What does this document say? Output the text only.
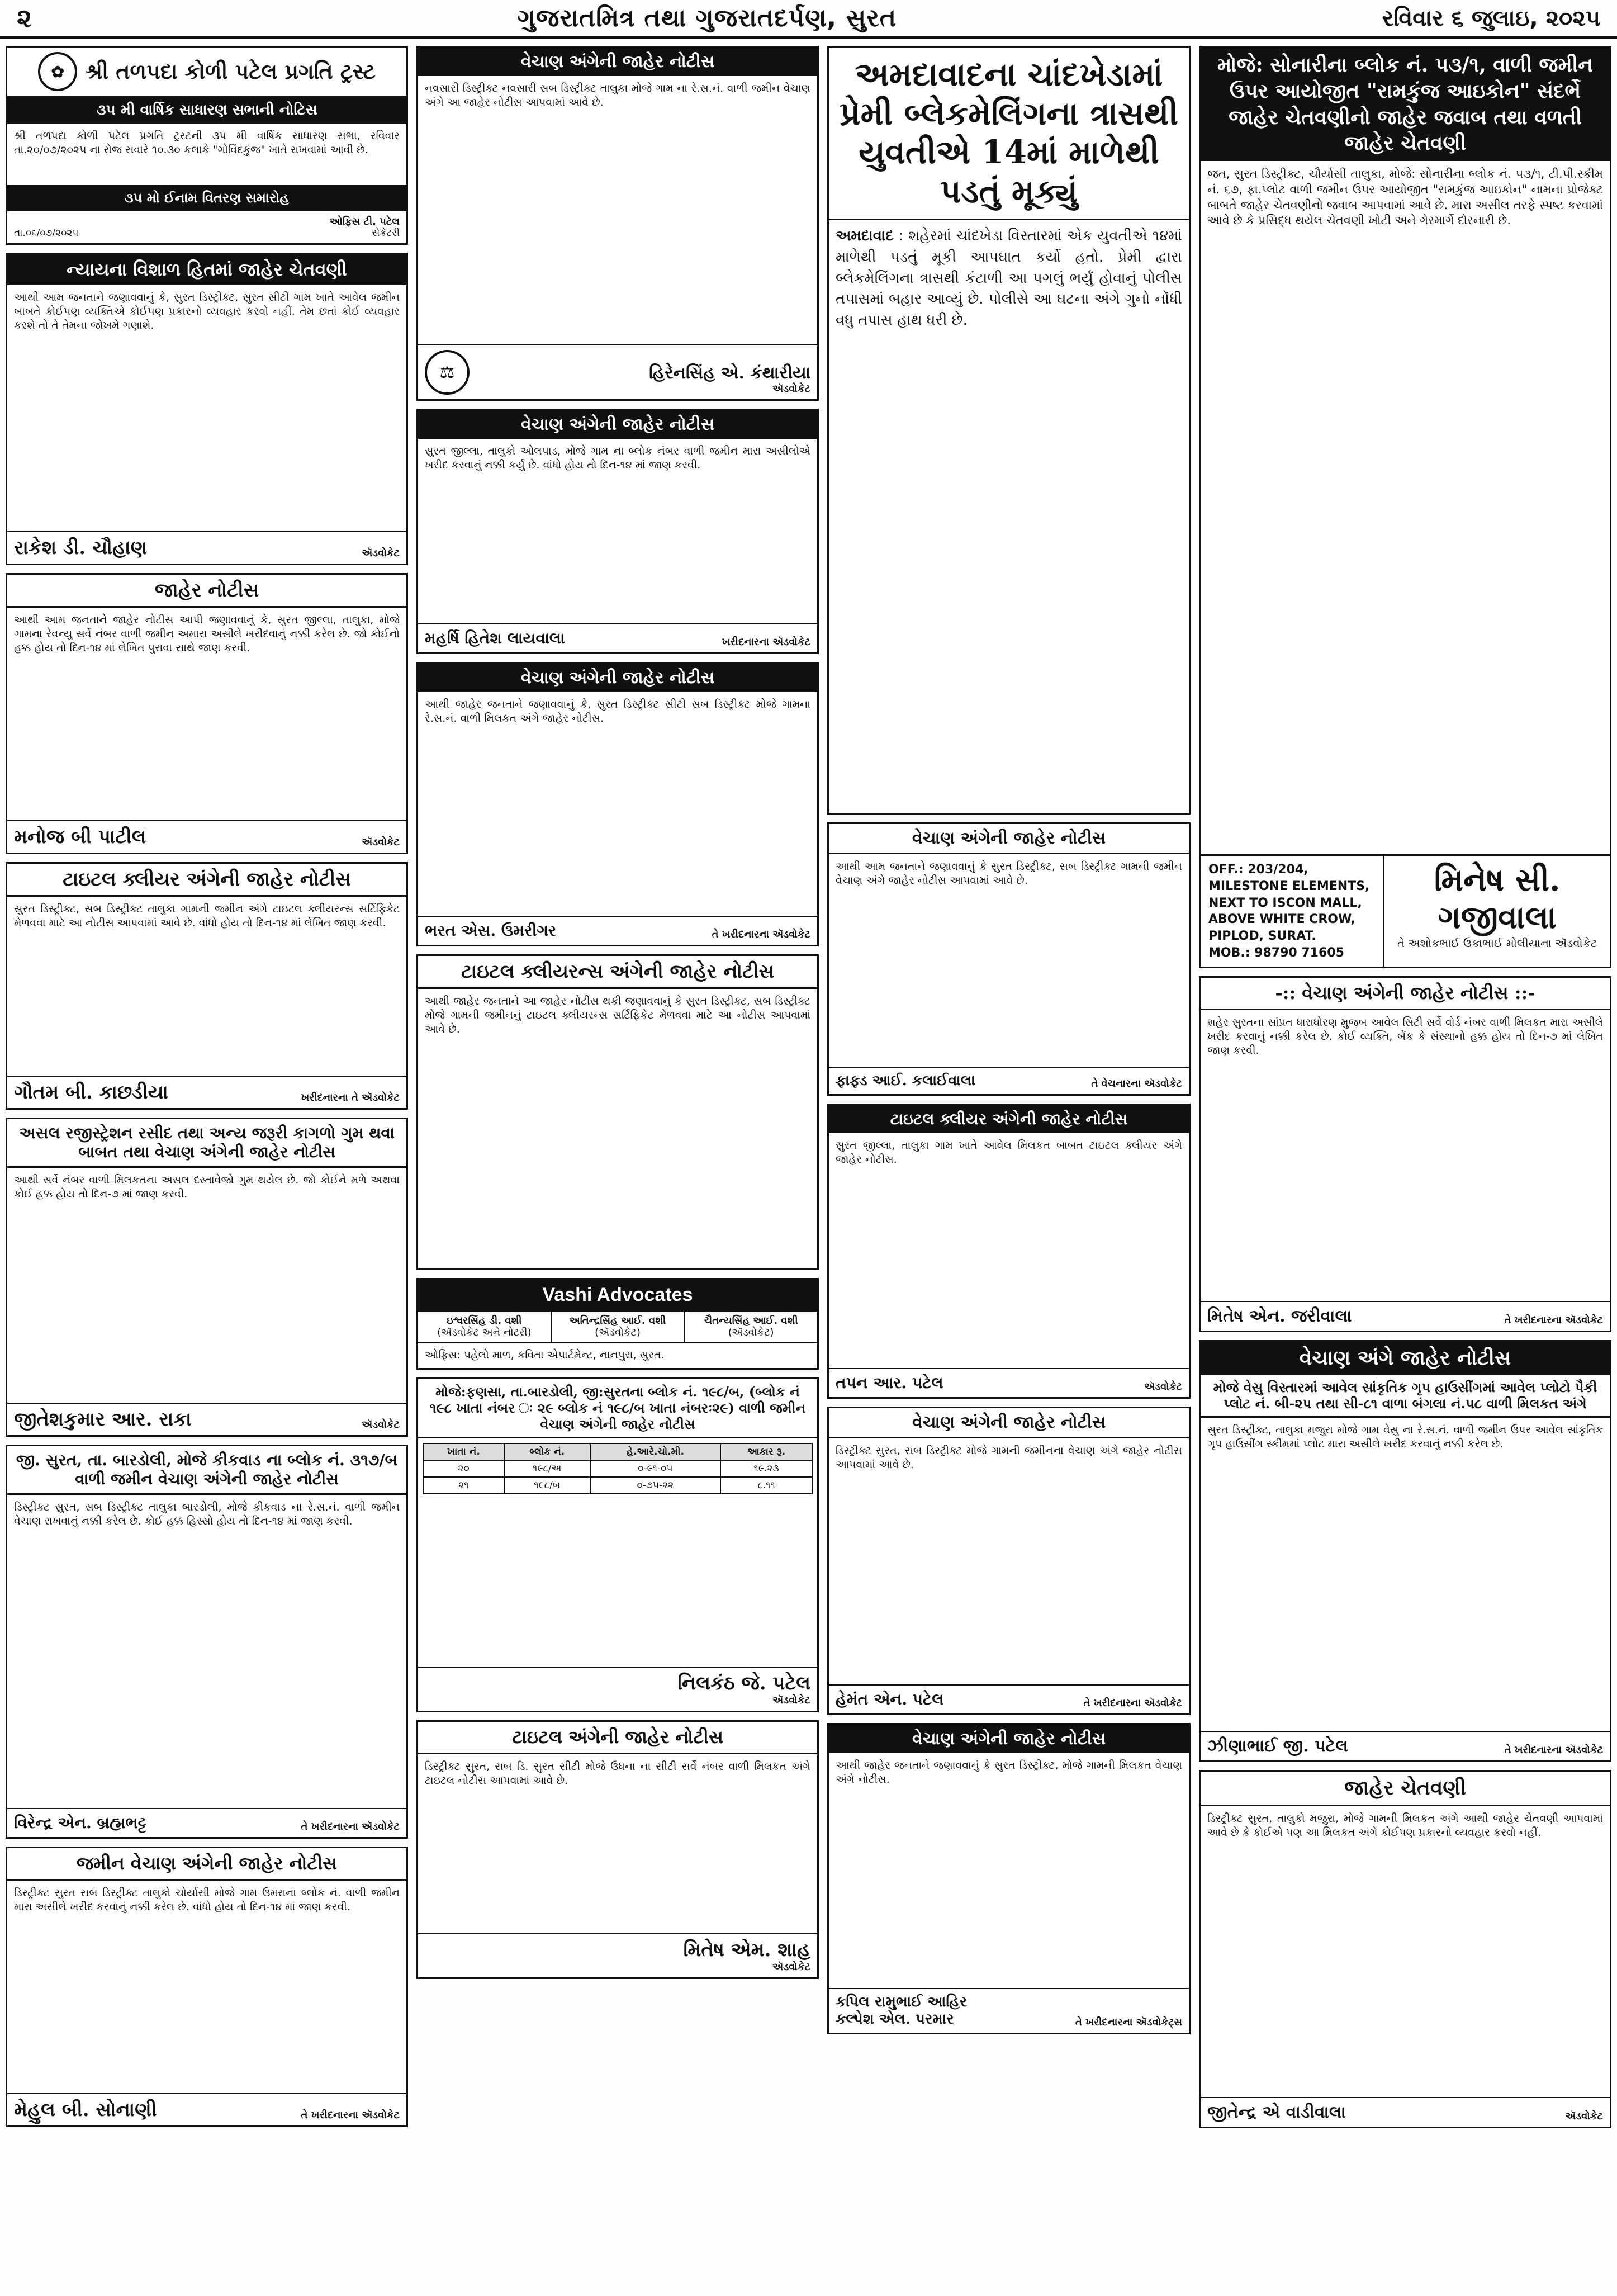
૨	ગુજરાતમિત્ર તથા ગુજરાતદર્પણ, સુરત	રવિવાર ૬ જુલાઇ, ૨૦૨૫
✿ શ્રી તળપદા કોળી પટેલ પ્રગતિ ટ્રસ્ટ
૩૫ મી વાર્ષિક સાધારણ સભાની નોટિસ
શ્રી તળપદા કોળી પટેલ પ્રગતિ ટ્રસ્ટની ૩૫ મી વાર્ષિક સાધારણ સભા, રવિવાર તા.૨૦/૦૭/૨૦૨૫ ના રોજ સવારે ૧૦.૩૦ કલાકે "ગોવિંદકુંજ" ખાતે રાખવામાં આવી છે.
૩૫ મો ઈનામ વિતરણ સમારોહ
તા.૦૬/૦૭/૨૦૨૫
ઓફિસ ટી. પટેલ
સેક્રેટરી
ન્યાયના વિશાળ હિતમાં જાહેર ચેતવણી
આથી આમ જનતાને જણાવવાનું કે, સુરત ડિસ્ટ્રીક્ટ, સુરત સીટી ગામ ખાતે આવેલ જમીન બાબતે કોઈપણ વ્યક્તિએ કોઈપણ પ્રકારનો વ્યવહાર કરવો નહીં. તેમ છતાં કોઈ વ્યવહાર કરશે તો તે તેમના જોખમે ગણાશે.
રાકેશ ડી. ચૌહાણ	ઍડવોકેટ
જાહેર નોટીસ
આથી આમ જનતાને જાહેર નોટીસ આપી જણાવવાનું કે, સુરત જીલ્લા, તાલુકા, મોજે ગામના રેવન્યુ સર્વે નંબર વાળી જમીન અમારા અસીલે ખરીદવાનું નક્કી કરેલ છે. જો કોઈનો હક્ક હોય તો દિન-૧૪ માં લેખિત પુરાવા સાથે જાણ કરવી.
મનોજ બી પાટીલ	ઍડવોકેટ
ટાઇટલ ક્લીયર અંગેની જાહેર નોટીસ
સુરત ડિસ્ટ્રીક્ટ, સબ ડિસ્ટ્રીક્ટ તાલુકા ગામની જમીન અંગે ટાઇટલ ક્લીયરન્સ સર્ટિફિકેટ મેળવવા માટે આ નોટીસ આપવામાં આવે છે. વાંધો હોય તો દિન-૧૪ માં લેખિત જાણ કરવી.
ગૌતમ બી. કાછડીયા	ખરીદનારના તે ઍડવોકેટ
અસલ રજીસ્ટ્રેશન રસીદ તથા અન્ય જરૂરી કાગળો ગુમ થવા બાબત તથા વેચાણ અંગેની જાહેર નોટીસ
આથી સર્વે નંબર વાળી મિલકતના અસલ દસ્તાવેજો ગુમ થયેલ છે. જો કોઈને મળે અથવા કોઈ હક્ક હોય તો દિન-૭ માં જાણ કરવી.
જીતેશકુમાર આર. રાકા	ઍડવોકેટ
જી. સુરત, તા. બારડોલી, મોજે કીકવાડ ના બ્લોક નં. ૩૧૭/બ વાળી જમીન વેચાણ અંગેની જાહેર નોટીસ
ડિસ્ટ્રીક્ટ સુરત, સબ ડિસ્ટ્રીક્ટ તાલુકા બારડોલી, મોજે કીકવાડ ના રે.સ.નં. વાળી જમીન વેચાણ રાખવાનું નક્કી કરેલ છે. કોઈ હક્ક હિસ્સો હોય તો દિન-૧૪ માં જાણ કરવી.
વિરેન્દ્ર એન. બ્રહ્મભટ્ટ	તે ખરીદનારના ઍડવોકેટ
જમીન વેચાણ અંગેની જાહેર નોટીસ
ડિસ્ટ્રીક્ટ સુરત સબ ડિસ્ટ્રીક્ટ તાલુકો ચોર્યાસી મોજે ગામ ઉમરાના બ્લોક નં. વાળી જમીન મારા અસીલે ખરીદ કરવાનું નક્કી કરેલ છે. વાંધો હોય તો દિન-૧૪ માં જાણ કરવી.
મેહુલ બી. સોનાણી	તે ખરીદનારના ઍડવોકેટ
વેચાણ અંગેની જાહેર નોટીસ
નવસારી ડિસ્ટ્રીક્ટ નવસારી સબ ડિસ્ટ્રીક્ટ તાલુકા મોજે ગામ ના રે.સ.નં. વાળી જમીન વેચાણ અંગે આ જાહેર નોટીસ આપવામાં આવે છે.
⚖	હિરેનસિંહ એ. કંથારીયા
ઍડવોકેટ
વેચાણ અંગેની જાહેર નોટીસ
સુરત જીલ્લા, તાલુકો ઓલપાડ, મોજે ગામ ના બ્લોક નંબર વાળી જમીન મારા અસીલોએ ખરીદ કરવાનું નક્કી કર્યું છે. વાંધો હોય તો દિન-૧૪ માં જાણ કરવી.
મહર્ષિ હિતેશ લાયવાલા	ખરીદનારના ઍડવોકેટ
વેચાણ અંગેની જાહેર નોટીસ
આથી જાહેર જનતાને જણાવવાનું કે, સુરત ડિસ્ટ્રીક્ટ સીટી સબ ડિસ્ટ્રીક્ટ મોજે ગામના રે.સ.નં. વાળી મિલકત અંગે જાહેર નોટીસ.
ભરત એસ. ઉમરીગર	તે ખરીદનારના ઍડવોકેટ
ટાઇટલ ક્લીયરન્સ અંગેની જાહેર નોટીસ
આથી જાહેર જનતાને આ જાહેર નોટીસ થકી જણાવવાનું કે સુરત ડિસ્ટ્રીક્ટ, સબ ડિસ્ટ્રીક્ટ મોજે ગામની જમીનનું ટાઇટલ ક્લીયરન્સ સર્ટિફિકેટ મેળવવા માટે આ નોટીસ આપવામાં આવે છે.
Vashi Advocates
ઇશ્વરસિંહ ડી. વશી
(ઍડવોકેટ અને નોટરી)
અતિન્દ્રસિંહ આઈ. વશી
(ઍડવોકેટ)
ચૈતન્યસિંહ આઈ. વશી
(ઍડવોકેટ)
ઓફિસ: પહેલો માળ, કવિતા એપાર્ટમેન્ટ, નાનપુરા, સુરત.
મોજે:ફણસા, તા.બારડોલી, જી:સુરતના બ્લોક નં. ૧૯૮/બ, (બ્લોક નં ૧૯૮ ખાતા નંબર ઃ ૨૯ બ્લોક નં ૧૯૮/બ ખાતા નંબરઃ૨૯) વાળી જમીન વેચાણ અંગેની જાહેર નોટીસ
ખાતા નં.	બ્લોક નં.	હે.આરે.ચો.મી.	આકાર રૂ.
૨૦	૧૯૮/અ	૦-૯૧-૦૫	૧૯.૨૩
૨૧	૧૯૮/બ	૦-૭૫-૨૨	૮.૧૧
નિલકંઠ જે. પટેલ
ઍડવોકેટ
ટાઇટલ અંગેની જાહેર નોટીસ
ડિસ્ટ્રીક્ટ સુરત, સબ ડિ. સુરત સીટી મોજે ઉધના ના સીટી સર્વે નંબર વાળી મિલકત અંગે ટાઇટલ નોટીસ આપવામાં આવે છે.
મિતેષ એમ. શાહ
ઍડવોકેટ
અમદાવાદના ચાંદખેડામાં પ્રેમી બ્લેકમેલિંગના ત્રાસથી યુવતીએ 14માં માળેથી પડતું મૂક્યું
અમદાવાદ : શહેરમાં ચાંદખેડા વિસ્તારમાં એક યુવતીએ ૧૪માં માળેથી પડતું મૂકી આપઘાત કર્યો હતો. પ્રેમી દ્વારા બ્લેકમેલિંગના ત્રાસથી કંટાળી આ પગલું ભર્યું હોવાનું પોલીસ તપાસમાં બહાર આવ્યું છે. પોલીસે આ ઘટના અંગે ગુનો નોંધી વધુ તપાસ હાથ ધરી છે.
વેચાણ અંગેની જાહેર નોટીસ
આથી આમ જનતાને જણાવવાનું કે સુરત ડિસ્ટ્રીક્ટ, સબ ડિસ્ટ્રીક્ટ ગામની જમીન વેચાણ અંગે જાહેર નોટીસ આપવામાં આવે છે.
ફાફ્ડ આઈ. કલાઈવાલા	તે વેચનારના ઍડવોકેટ
ટાઇટલ ક્લીયર અંગેની જાહેર નોટીસ
સુરત જીલ્લા, તાલુકા ગામ ખાતે આવેલ મિલકત બાબત ટાઇટલ ક્લીયર અંગે જાહેર નોટીસ.
તપન આર. પટેલ	ઍડવોકેટ
વેચાણ અંગેની જાહેર નોટીસ
ડિસ્ટ્રીક્ટ સુરત, સબ ડિસ્ટ્રીક્ટ મોજે ગામની જમીનના વેચાણ અંગે જાહેર નોટીસ આપવામાં આવે છે.
હેમંત એન. પટેલ	તે ખરીદનારના ઍડવોકેટ
વેચાણ અંગેની જાહેર નોટીસ
આથી જાહેર જનતાને જણાવવાનું કે સુરત ડિસ્ટ્રીક્ટ, મોજે ગામની મિલકત વેચાણ અંગે નોટીસ.
કપિલ રામુભાઈ આહિર
કલ્પેશ એલ. પરમાર	તે ખરીદનારના ઍડવોકેટ્સ
મોજે: સોનારીના બ્લોક નં. ૫૩/૧, વાળી જમીન ઉપર આયોજીત "રામકુંજ આઇકોન" સંદર્ભે જાહેર ચેતવણીનો જાહેર જવાબ તથા વળતી જાહેર ચેતવણી
જત, સુરત ડિસ્ટ્રીક્ટ, ચૌર્યાસી તાલુકા, મોજે: સોનારીના બ્લોક નં. ૫૩/૧, ટી.પી.સ્કીમ નં. ૬૭, ફા.પ્લોટ વાળી જમીન ઉપર આયોજીત "રામકુંજ આઇકોન" નામના પ્રોજેક્ટ બાબતે જાહેર ચેતવણીનો જવાબ આપવામાં આવે છે. મારા અસીલ તરફે સ્પષ્ટ કરવામાં આવે છે કે પ્રસિદ્ધ થયેલ ચેતવણી ખોટી અને ગેરમાર્ગે દોરનારી છે.
OFF.: 203/204, MILESTONE ELEMENTS, NEXT TO ISCON MALL, ABOVE WHITE CROW, PIPLOD, SURAT.
MOB.: 98790 71605
મિનેષ સી. ગજીવાલા
તે અશોકભાઈ ઉકાભાઈ મોલીયાના ઍડવોકેટ
-:: વેચાણ અંગેની જાહેર નોટીસ ::-
શહેર સુરતના સાંપ્રત ધારાધોરણ મુજબ આવેલ સિટી સર્વે વોર્ડ નંબર વાળી મિલકત મારા અસીલે ખરીદ કરવાનું નક્કી કરેલ છે. કોઈ વ્યક્તિ, બેંક કે સંસ્થાનો હક્ક હોય તો દિન-૭ માં લેખિત જાણ કરવી.
મિતેષ એન. જરીવાલા	તે ખરીદનારના ઍડવોકેટ
વેચાણ અંગે જાહેર નોટીસ
મોજે વેસુ વિસ્તારમાં આવેલ સાંકૃતિક ગૃપ હાઉસીંગમાં આવેલ પ્લોટો પૈકી પ્લોટ નં. બી-૨૫ તથા સી-૮૧ વાળા બંગલા નં.૫૮ વાળી મિલકત અંગે
સુરત ડિસ્ટ્રીક્ટ, તાલુકા મજુરા મોજે ગામ વેસુ ના રે.સ.નં. વાળી જમીન ઉપર આવેલ સાંકૃતિક ગૃપ હાઉસીંગ સ્કીમમાં પ્લોટ મારા અસીલે ખરીદ કરવાનું નક્કી કરેલ છે.
ઝીણાભાઈ જી. પટેલ	તે ખરીદનારના ઍડવોકેટ
જાહેર ચેતવણી
ડિસ્ટ્રીક્ટ સુરત, તાલુકો મજુરા, મોજે ગામની મિલકત અંગે આથી જાહેર ચેતવણી આપવામાં આવે છે કે કોઈએ પણ આ મિલકત અંગે કોઈપણ પ્રકારનો વ્યવહાર કરવો નહીં.
જીતેન્દ્ર એ વાડીવાલા	ઍડવોકેટ
